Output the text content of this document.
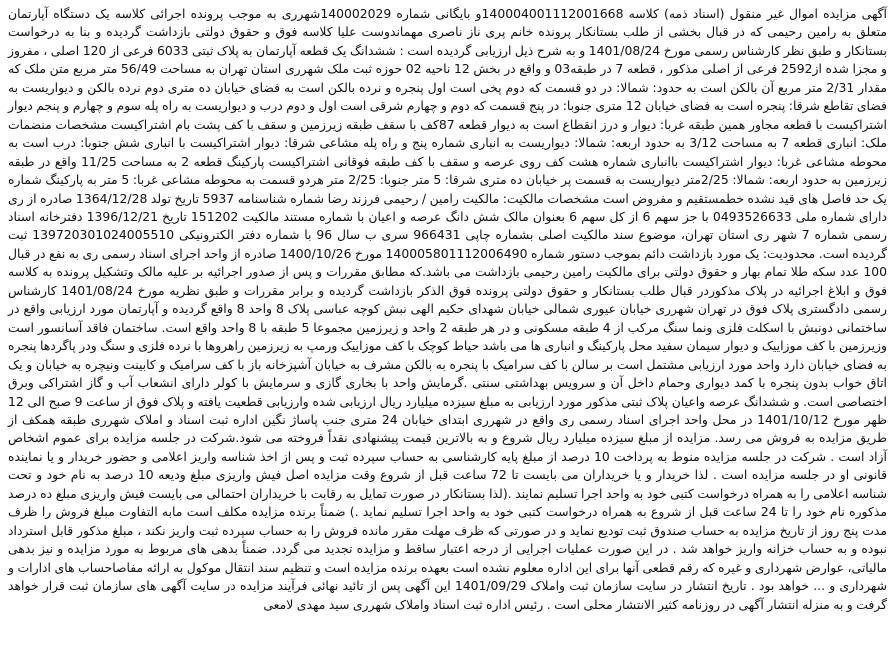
آگهی مزایده اموال غیر منقول (اسناد ذمه) کلاسه 140004001112001668و بایگانی شماره 140002029شهرری به موجب پرونده اجرائی کلاسه یک دستگاه آپارتمان متعلق به رامین رحیمی که در قبال بخشی از طلب بستانکار پرونده خانم پری ناز ناصری مهماندوست علیا کلاسه فوق و حقوق دولتی بازداشت گردیده و بنا به درخواست بستانکار و طبق نظر کارشناس رسمی مورخ 1401/08/24 و به شرح ذیل ارزیابی گردیده است : ششدانگ یک قطعه آپارتمان به پلاک ثبتی 6033 فرعی از 120 اصلی ، مفروز و مجزا شده از2592 فرعی از اصلی مذکور ، قطعه 7 در طبقه03 و واقع در بخش 12 ناحیه 02 حوزه ثبت ملک شهرری استان تهران به مساحت 56/49 متر مربع متن ملک که مقدار 2/31 متر مربع آن بالکن است به حدود: شمالا: در دو قسمت که دوم پخی است اول پنجره و نرده بالکن است به فضای خیابان ده متری دوم نرده بالکن و دیواریست به فضای تقاطع شرقا: پنجره است به فضای خیابان 12 متری جنوبا: در پنج قسمت که دوم و چهارم شرقی است اول و دوم درب و دیواریست به راه پله سوم و چهارم و پنجم دیوار اشتراکیست با قطعه مجاور همین طبقه غربا: دیوار و درز انقطاع است به دیوار قطعه 87کف با سقف طبقه زیرزمین و سقف با کف پشت بام اشتراکیست مشخصات منضمات ملک: انباری قطعه 7 به مساحت 3/12 به حدود اربعه: شمالا: دیواریست به انباری شماره پنج و راه پله مشاعی شرقا: دیوار اشتراکیست با انباری شش جنوبا: درب است به محوطه مشاعی غربا: دیوار اشتراکیست باانباری شماره هشت کف روی عرصه و سقف با کف طبقه فوقانی اشتراکیست پارکینگ قطعه 2 به مساحت 11/25 واقع در طبقه زیرزمین به حدود اربعه: شمالا: 2/25متر دیواریست به قسمت پر خیابان ده متری شرقا: 5 متر جنوبا: 2/25 متر هردو قسمت به محوطه مشاعی غربا: 5 متر به پارکینگ شماره یک حد فاصل های قید نشده خطمستقیم و مفروض است مشخصات مالکیت: مالکیت رامین / رحیمی فرزند رضا شماره شناسنامه 5937 تاریخ تولد 1364/12/28 صادره از ری دارای شماره ملی 0493526633 با جز سهم 6 از کل سهم 6 بعنوان مالک شش دانگ عرصه و اعیان با شماره مستند مالکیت 151202 تاریخ 1396/12/21 دفترخانه اسناد رسمی شماره 7 شهر ری استان تهران، موضوع سند مالکیت اصلی بشماره چاپی 966431 سری ب سال 96 با شماره دفتر الکترونیکی 139720301024005510 ثبت گردیده است. محدودیت: یک مورد بازداشت دائم بموجب دستور شماره 140005801112006490 مورخ 1400/10/26 صادره از واحد اجرای اسناد رسمی ری به نفع در قبال 100 عدد سکه طلا تمام بهار و حقوق دولتی برای مالکیت رامین رحیمی بازداشت می باشد.که مطابق مقررات و پس از صدور اجرائیه بر علیه مالک وتشکیل پرونده به کلاسه فوق و ابلاغ اجرائیه در پلاک مذکوردر قبال طلب بستانکار و حقوق دولتی پرونده فوق الذکر بازداشت گردیده و برابر مقررات و طبق نظریه مورخ 1401/08/24 کارشناس رسمی دادگستری پلاک فوق در تهران شهرری خیابان عیوری شمالی خیابان شهدای حکیم الهی نبش کوچه عباسی پلاک 8 واحد 8 واقع گردیده و آپارتمان مورد ارزیابی واقع در ساختمانی دونبش با اسکلت فلزی ونما سنگ مرکب از 4 طبقه مسکونی و در هر طبقه 2 واحد و زیرزمین مجموعا 5 طبقه با 8 واحد واقع است. ساختمان فاقد آسانسور است وزیرزمین با کف موزاییک و دیوار سیمان سفید محل پارکینگ و انباری ها می باشد حیاط کوچک با کف موزاییک ورمپ به زیرزمین راهروها با نرده فلزی و سنگ ودر پاگردها پنجره به فضای خیابان دارد واحد مورد ارزیابی مشتمل است بر سالن با کف سرامیک با پنجره به بالکن مشرف به خیابان آشپزخانه باز با کف سرامیک و کابینت ونیچره به خیابان و یک اتاق خواب بدون پنجره با کمد دیواری وحمام داخل آن و سرویس بهداشتی سنتی .گرمایش واحد با بخاری گازی و سرمایش با کولر دارای انشعاب آب و گاز اشتراکی وبرق اختصاصی است. و ششدانگ عرصه واعیان پلاک ثبتی مذکور مورد ارزیابی به مبلغ سیزده میلیارد ریال ارزیابی شده وارزیابی قطعیت یافته و پلاک فوق از ساعت 9 صبح الی 12 ظهر مورخ 1401/10/12 در محل واحد اجرای اسناد رسمی ری واقع در شهرری ابتدای خیابان 24 متری جنب پاساژ نگین اداره ثبت اسناد و املاک شهرری طبقه همکف از طریق مزایده به فروش می رسد. مزایده از مبلغ سیزده میلیارد ریال شروع و به بالاترین قیمت پیشنهادی نقداً فروخته می شود.شرکت در جلسه مزایده برای عموم اشخاص آزاد است . شرکت در جلسه مزایده منوط به پرداخت 10 درصد از مبلغ پایه کارشناسی به حساب سپرده ثبت و پس از اخذ شناسه واریز اعلامی و حضور خریدار و یا نماینده قانونی او در جلسه مزایده است . لذا خریدار و یا خریداران می بایست تا 72 ساعت قبل از شروع وقت مزایده اصل فیش واریزی مبلغ ودیعه 10 درصد به نام خود و تحت شناسه اعلامی را به همراه درخواست کتبی خود به واحد اجرا تسلیم نمایند .(لذا بستانکار در صورت تمایل به رقابت با خریداران احتمالی می بایست فیش واریزی مبلغ ده درصد مذکوره نام خود را تا 24 ساعت قبل از شروع به همراه درخواست کتبی خود به واحد اجرا تسلیم نماید .) ضمناً برنده مزایده مکلف است مابه التفاوت مبلغ فروش را ظرف مدت پنج روز از تاریخ مزایده به حساب صندوق ثبت تودیع نماید و در صورتی که ظرف مهلت مقرر مانده فروش را به حساب سپرده ثبت واریز نکند ، مبلغ مذکور قابل استرداد نبوده و به حساب خزانه واریز خواهد شد . در این صورت عملیات اجرایی از درجه اعتبار ساقط و مزایده تجدید می گردد. ضمناً بدهی های مربوط به مورد مزایده و نیز بدهی مالیاتی، عوارض شهرداری و غیره که رقم قطعی آنها برای این اداره معلوم نشده است بعهده برنده مزایده است و تنظیم سند انتقال موکول به ارائه مفاصاحساب های ادارات و شهرداری و ... خواهد بود . تاریخ انتشار در سایت سازمان ثبت واملاک 1401/09/29 این آگهی پس از تائید نهائی فرآیند مزایده در سایت آگهی های سازمان ثبت قرار خواهد گرفت و به منزله انتشار آگهی در روزنامه کثیر الانتشار محلی است . رئیس اداره ثبت اسناد واملاک شهرری سید مهدی لامعی
